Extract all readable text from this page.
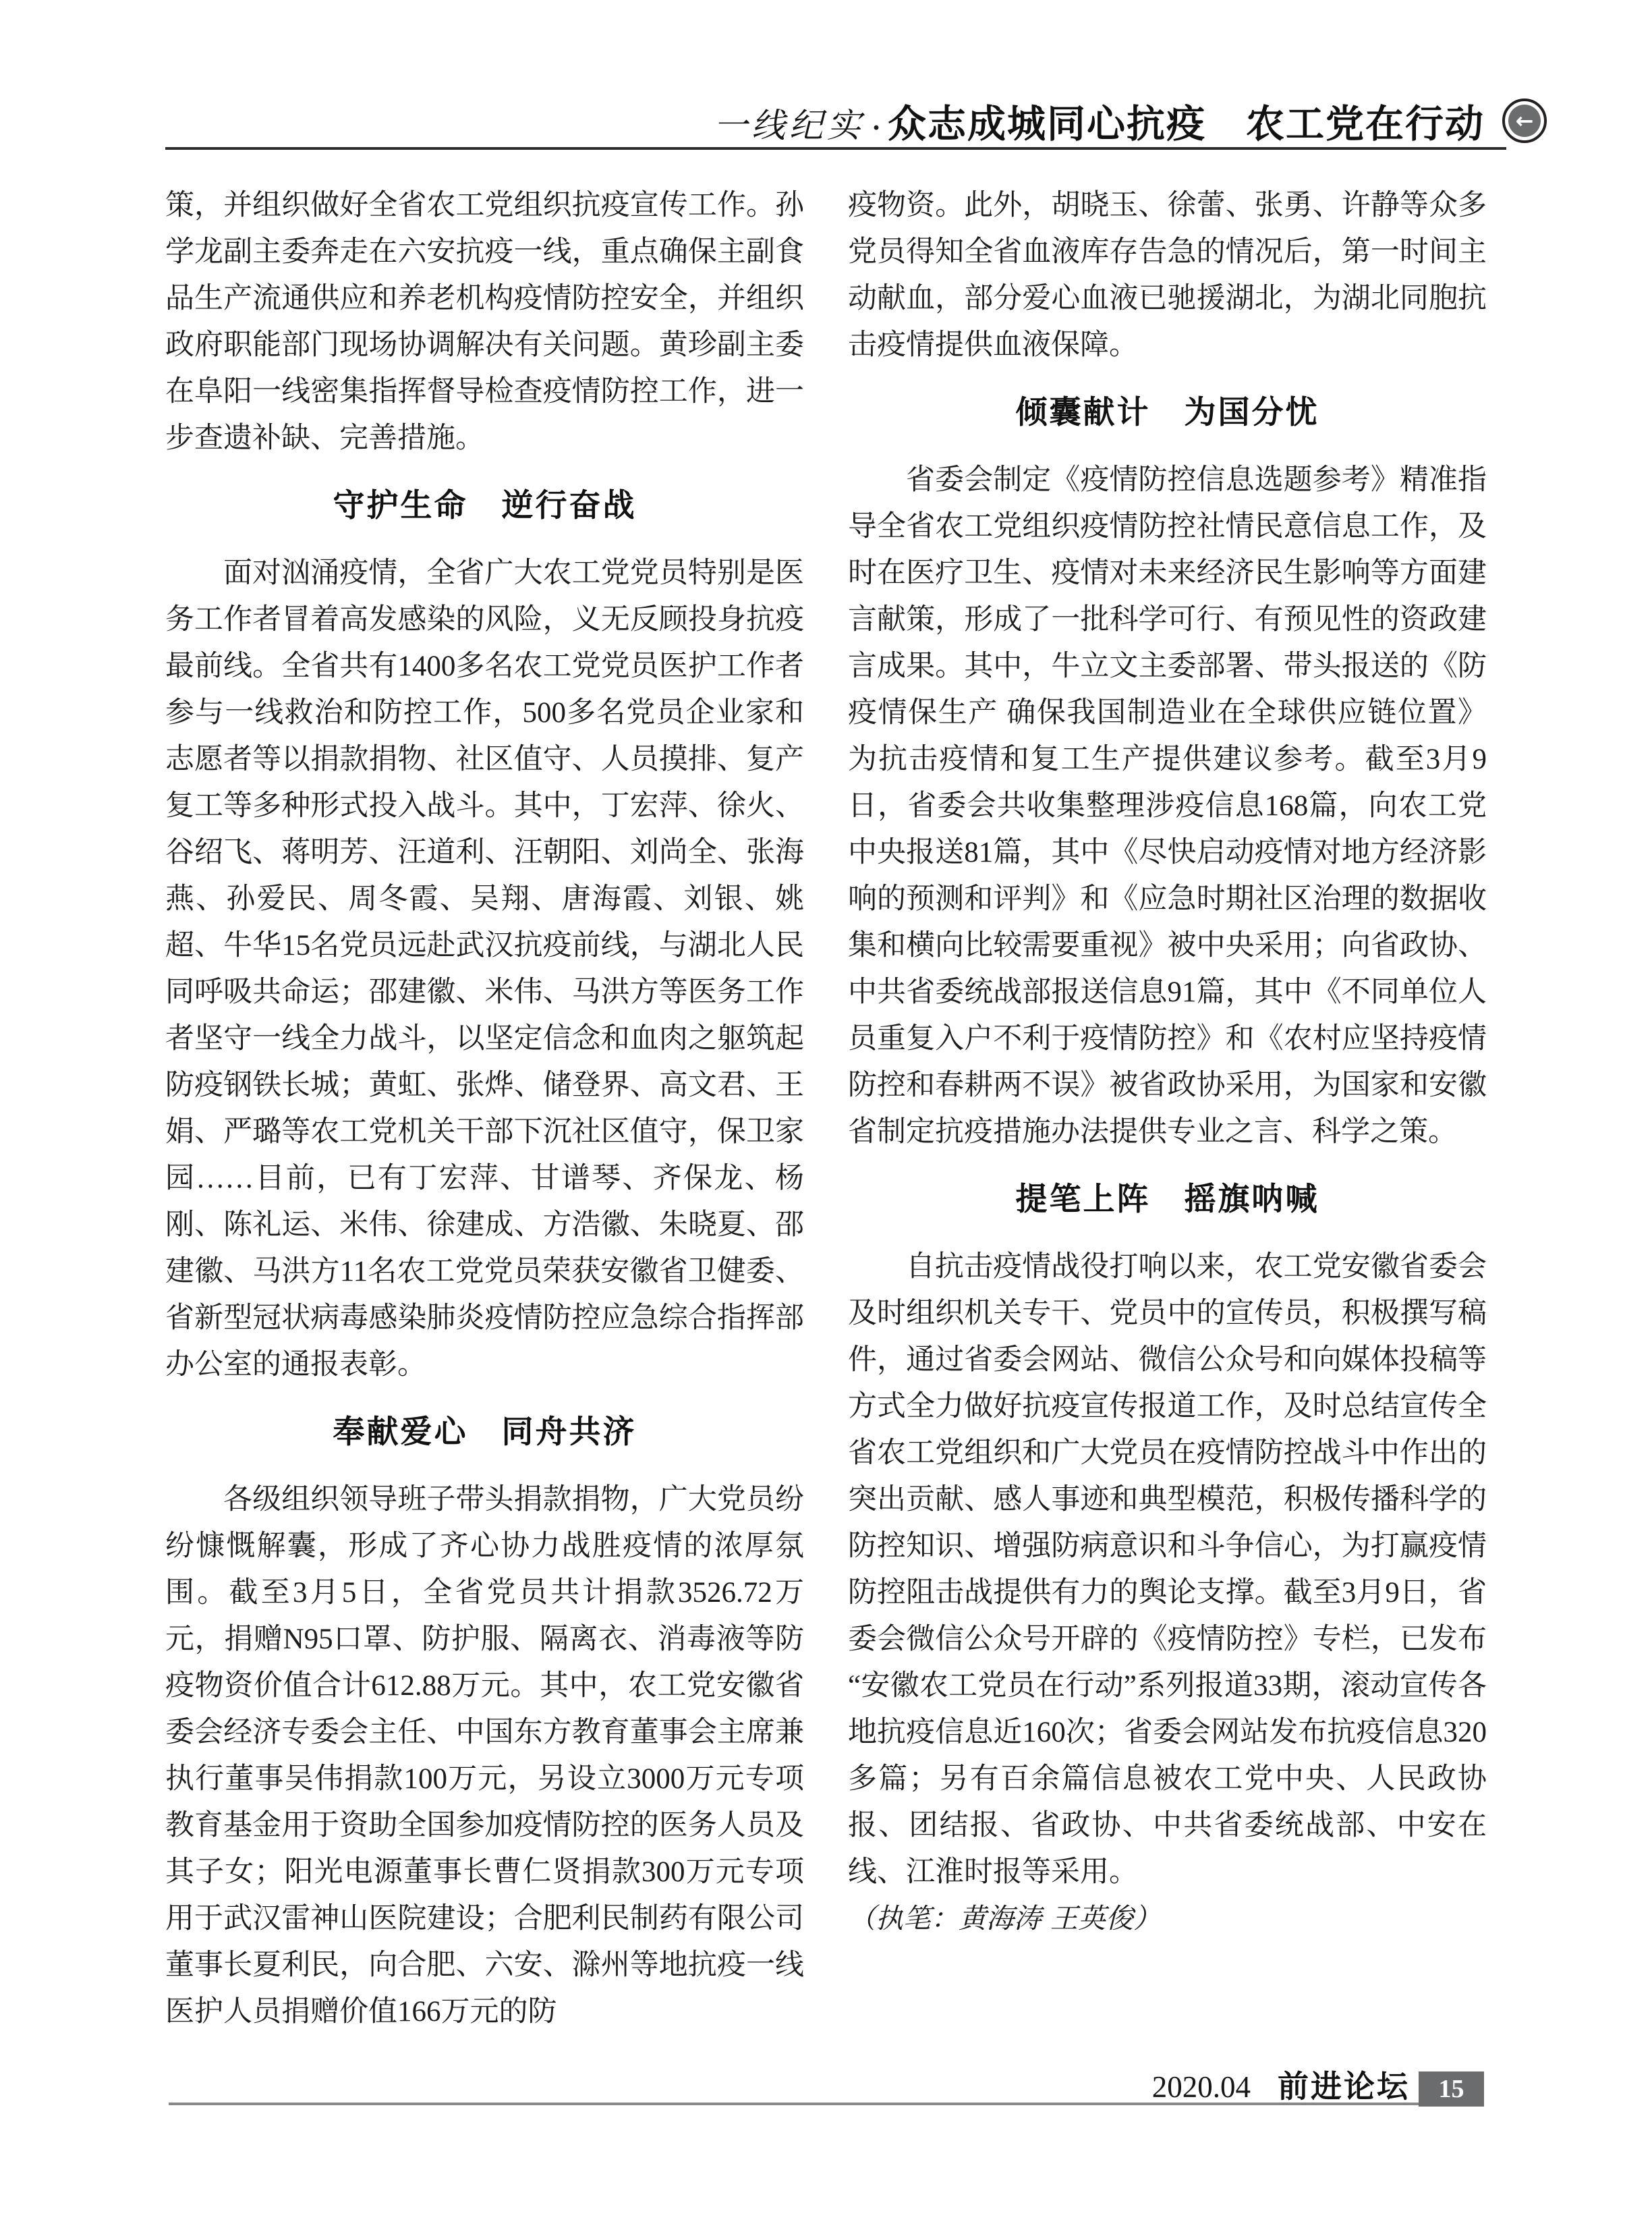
一线纪实 · 众志成城同心抗疫　农工党在行动	←

策，并组织做好全省农工党组织抗疫宣传工作。孙学龙副主委奔走在六安抗疫一线，重点确保主副食品生产流通供应和养老机构疫情防控安全，并组织政府职能部门现场协调解决有关问题。黄珍副主委在阜阳一线密集指挥督导检查疫情防控工作，进一步查遗补缺、完善措施。

守护生命　逆行奋战

面对汹涌疫情，全省广大农工党党员特别是医务工作者冒着高发感染的风险，义无反顾投身抗疫最前线。全省共有1400多名农工党党员医护工作者参与一线救治和防控工作，500多名党员企业家和志愿者等以捐款捐物、社区值守、人员摸排、复产复工等多种形式投入战斗。其中，丁宏萍、徐火、谷绍飞、蒋明芳、汪道利、汪朝阳、刘尚全、张海燕、孙爱民、周冬霞、吴翔、唐海霞、刘银、姚超、牛华15名党员远赴武汉抗疫前线，与湖北人民同呼吸共命运；邵建徽、米伟、马洪方等医务工作者坚守一线全力战斗，以坚定信念和血肉之躯筑起防疫钢铁长城；黄虹、张烨、储登界、高文君、王娟、严璐等农工党机关干部下沉社区值守，保卫家园……目前，已有丁宏萍、甘谱琴、齐保龙、杨刚、陈礼运、米伟、徐建成、方浩徽、朱晓夏、邵建徽、马洪方11名农工党党员荣获安徽省卫健委、省新型冠状病毒感染肺炎疫情防控应急综合指挥部办公室的通报表彰。

奉献爱心　同舟共济

各级组织领导班子带头捐款捐物，广大党员纷纷慷慨解囊，形成了齐心协力战胜疫情的浓厚氛围。截至3月5日，全省党员共计捐款3526.72万元，捐赠N95口罩、防护服、隔离衣、消毒液等防疫物资价值合计612.88万元。其中，农工党安徽省委会经济专委会主任、中国东方教育董事会主席兼执行董事吴伟捐款100万元，另设立3000万元专项教育基金用于资助全国参加疫情防控的医务人员及其子女；阳光电源董事长曹仁贤捐款300万元专项用于武汉雷神山医院建设；合肥利民制药有限公司董事长夏利民，向合肥、六安、滁州等地抗疫一线医护人员捐赠价值166万元的防

疫物资。此外，胡晓玉、徐蕾、张勇、许静等众多党员得知全省血液库存告急的情况后，第一时间主动献血，部分爱心血液已驰援湖北，为湖北同胞抗击疫情提供血液保障。

倾囊献计　为国分忧

省委会制定《疫情防控信息选题参考》精准指导全省农工党组织疫情防控社情民意信息工作，及时在医疗卫生、疫情对未来经济民生影响等方面建言献策，形成了一批科学可行、有预见性的资政建言成果。其中，牛立文主委部署、带头报送的《防疫情保生产 确保我国制造业在全球供应链位置》为抗击疫情和复工生产提供建议参考。截至3月9日，省委会共收集整理涉疫信息168篇，向农工党中央报送81篇，其中《尽快启动疫情对地方经济影响的预测和评判》和《应急时期社区治理的数据收集和横向比较需要重视》被中央采用；向省政协、中共省委统战部报送信息91篇，其中《不同单位人员重复入户不利于疫情防控》和《农村应坚持疫情防控和春耕两不误》被省政协采用，为国家和安徽省制定抗疫措施办法提供专业之言、科学之策。

提笔上阵　摇旗呐喊

自抗击疫情战役打响以来，农工党安徽省委会及时组织机关专干、党员中的宣传员，积极撰写稿件，通过省委会网站、微信公众号和向媒体投稿等方式全力做好抗疫宣传报道工作，及时总结宣传全省农工党组织和广大党员在疫情防控战斗中作出的突出贡献、感人事迹和典型模范，积极传播科学的防控知识、增强防病意识和斗争信心，为打赢疫情防控阻击战提供有力的舆论支撑。截至3月9日，省委会微信公众号开辟的《疫情防控》专栏，已发布“安徽农工党员在行动”系列报道33期，滚动宣传各地抗疫信息近160次；省委会网站发布抗疫信息320多篇；另有百余篇信息被农工党中央、人民政协报、团结报、省政协、中共省委统战部、中安在线、江淮时报等采用。

（执笔：黄海涛 王英俊）

2020.04 前进论坛	15
